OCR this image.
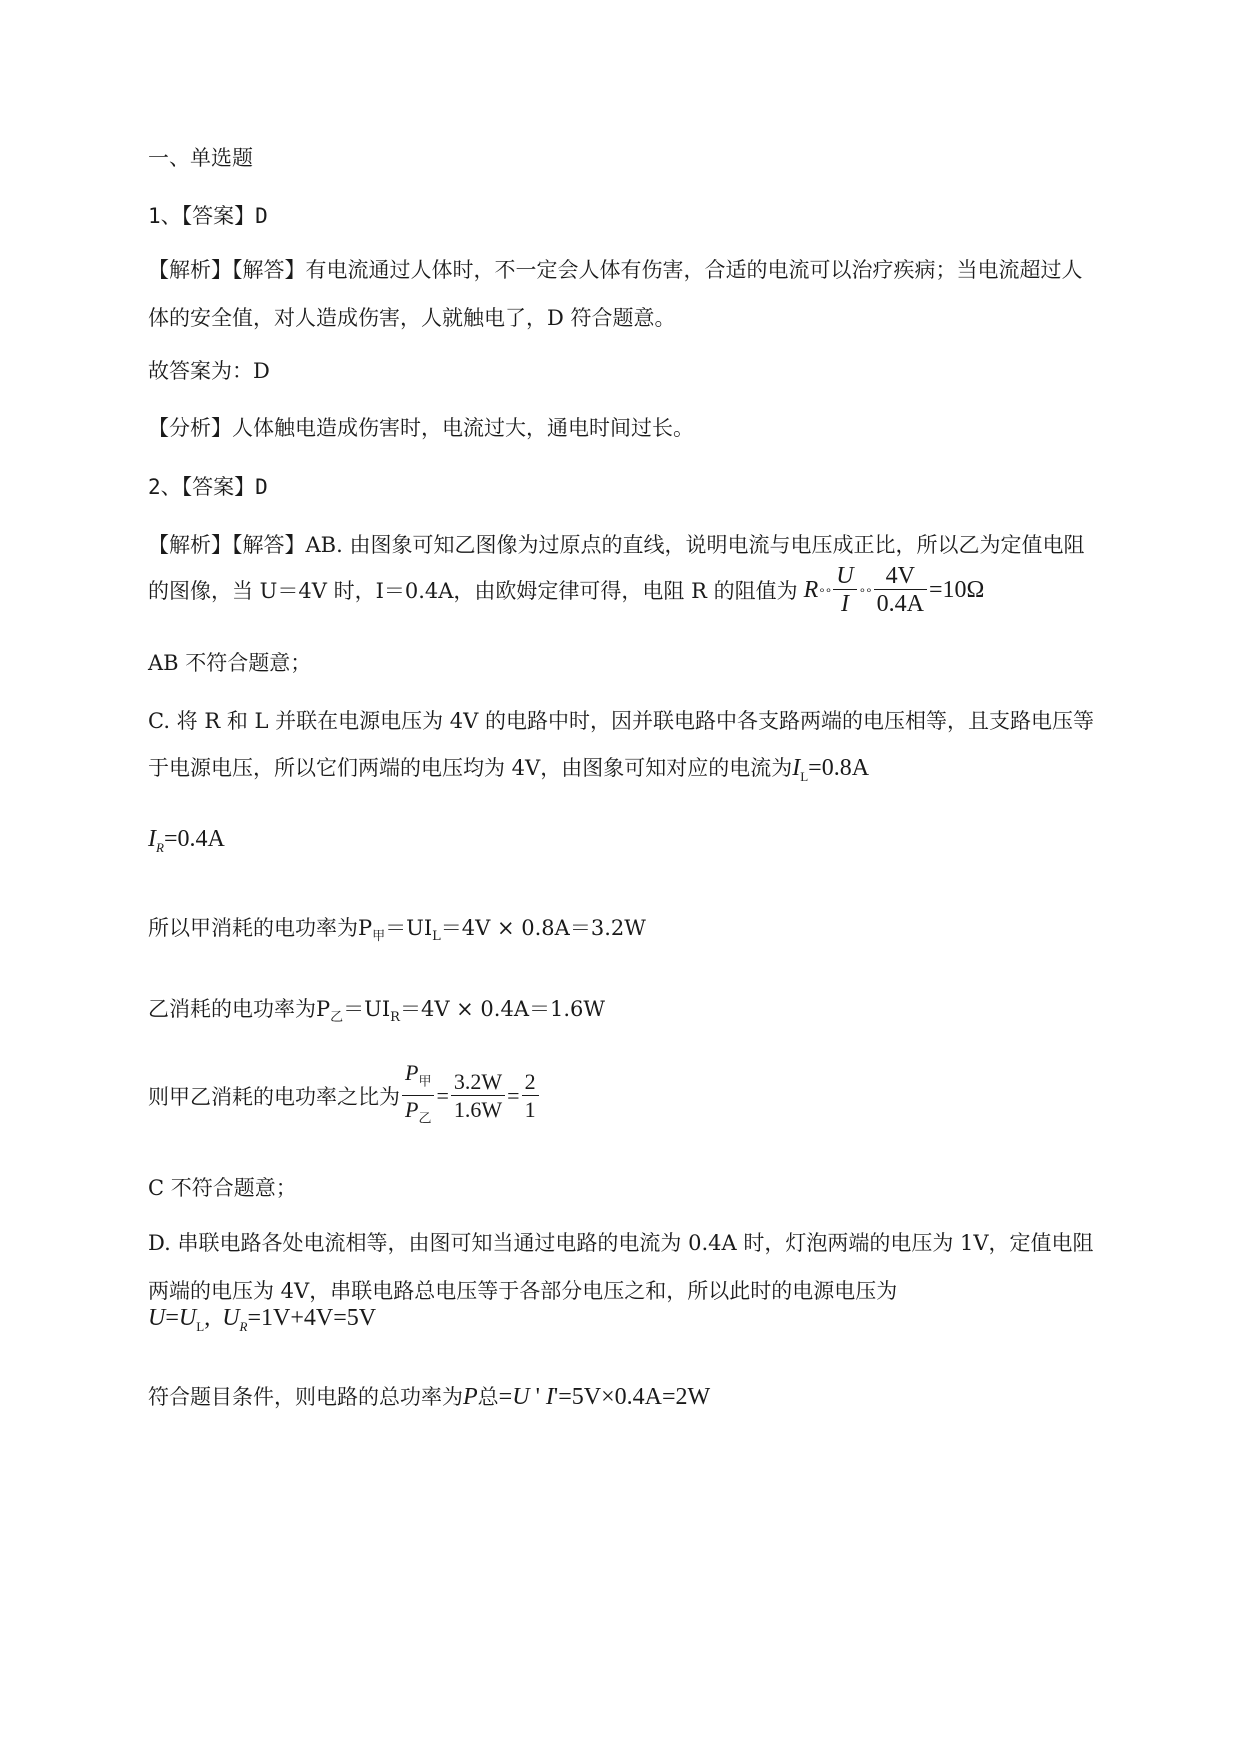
一、单选题
1、【答案】D
【解析】【解答】有电流通过人体时，不一定会人体有伤害，合适的电流可以治疗疾病；当电流超过人
体的安全值，对人造成伤害，人就触电了，D 符合题意。
故答案为：D
【分析】人体触电造成伤害时，电流过大，通电时间过长。
2、【答案】D
【解析】【解答】AB. 由图象可知乙图像为过原点的直线，说明电流与电压成正比，所以乙为定值电阻
的图像，当 U＝4V 时，I＝0.4A，由欧姆定律可得，电阻 R 的阻值为 R ∘∘ $\frac{U}{I}$ ∘∘ $\frac{4V}{0.4A} =10\Omega$
AB 不符合题意；
C. 将 R 和 L 并联在电源电压为 4V 的电路中时，因并联电路中各支路两端的电压相等，且支路电压等
于电源电压，所以它们两端的电压均为 4V，由图象可知对应的电流为 $I_L=0.8A$
$I_R=0.4A$
所以甲消耗的电功率为$P_甲=UI_L=4V \times 0.8A=3.2W$
乙消耗的电功率为$P_乙=UI_R=4V \times 0.4A=1.6W$
则甲乙消耗的电功率之比为 $\frac{P_甲}{P_乙} = \frac{3.2W}{1.6W} = \frac{2}{1}$
C 不符合题意；
D. 串联电路各处电流相等，由图可知当通过电路的电流为 0.4A 时，灯泡两端的电压为 1V，定值电阻
两端的电压为 4V，串联电路总电压等于各部分电压之和，所以此时的电源电压为
$U=U_L$,  $U_R=1V+4V=5V$
符合题目条件，则电路的总功率为 P总=U ' I'=5V×0.4A=2W
